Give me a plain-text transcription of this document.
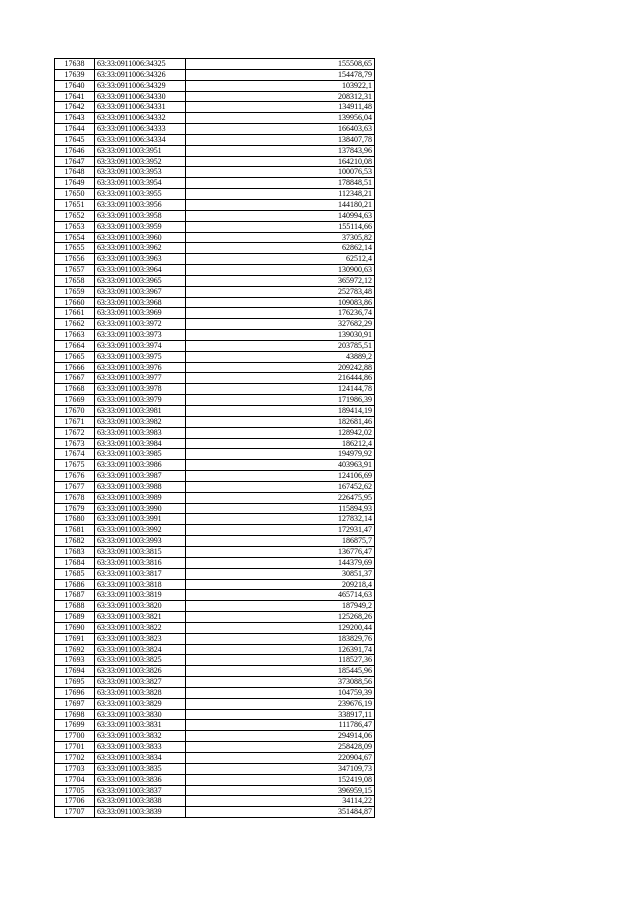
17638	63:33:0911006:34325	155508,65
17639	63:33:0911006:34326	154478,79
17640	63:33:0911006:34329	103922,1
17641	63:33:0911006:34330	208312,31
17642	63:33:0911006:34331	134911,48
17643	63:33:0911006:34332	139956,04
17644	63:33:0911006:34333	166403,63
17645	63:33:0911006:34334	138407,78
17646	63:33:0911003:3951	137843,96
17647	63:33:0911003:3952	164210,08
17648	63:33:0911003:3953	100076,53
17649	63:33:0911003:3954	178848,51
17650	63:33:0911003:3955	112348,21
17651	63:33:0911003:3956	144180,21
17652	63:33:0911003:3958	140994,63
17653	63:33:0911003:3959	155114,66
17654	63:33:0911003:3960	37305,82
17655	63:33:0911003:3962	62862,14
17656	63:33:0911003:3963	62512,4
17657	63:33:0911003:3964	130900,63
17658	63:33:0911003:3965	365972,12
17659	63:33:0911003:3967	252783,48
17660	63:33:0911003:3968	109083,86
17661	63:33:0911003:3969	176236,74
17662	63:33:0911003:3972	327682,29
17663	63:33:0911003:3973	139030,91
17664	63:33:0911003:3974	203785,51
17665	63:33:0911003:3975	43889,2
17666	63:33:0911003:3976	209242,88
17667	63:33:0911003:3977	216444,86
17668	63:33:0911003:3978	124144,78
17669	63:33:0911003:3979	171986,39
17670	63:33:0911003:3981	189414,19
17671	63:33:0911003:3982	182681,46
17672	63:33:0911003:3983	128942,02
17673	63:33:0911003:3984	186212,4
17674	63:33:0911003:3985	194979,92
17675	63:33:0911003:3986	403963,91
17676	63:33:0911003:3987	124106,69
17677	63:33:0911003:3988	167452,62
17678	63:33:0911003:3989	226475,95
17679	63:33:0911003:3990	115894,93
17680	63:33:0911003:3991	127832,14
17681	63:33:0911003:3992	172931,47
17682	63:33:0911003:3993	186875,7
17683	63:33:0911003:3815	136776,47
17684	63:33:0911003:3816	144379,69
17685	63:33:0911003:3817	30851,37
17686	63:33:0911003:3818	209218,4
17687	63:33:0911003:3819	465714,63
17688	63:33:0911003:3820	187949,2
17689	63:33:0911003:3821	125268,26
17690	63:33:0911003:3822	129200,44
17691	63:33:0911003:3823	183829,76
17692	63:33:0911003:3824	126391,74
17693	63:33:0911003:3825	118527,36
17694	63:33:0911003:3826	185445,96
17695	63:33:0911003:3827	373088,56
17696	63:33:0911003:3828	104759,39
17697	63:33:0911003:3829	239676,19
17698	63:33:0911003:3830	338917,11
17699	63:33:0911003:3831	111786,47
17700	63:33:0911003:3832	294914,06
17701	63:33:0911003:3833	258428,09
17702	63:33:0911003:3834	220904,67
17703	63:33:0911003:3835	347109,73
17704	63:33:0911003:3836	152419,08
17705	63:33:0911003:3837	396959,15
17706	63:33:0911003:3838	34114,22
17707	63:33:0911003:3839	351484,87
